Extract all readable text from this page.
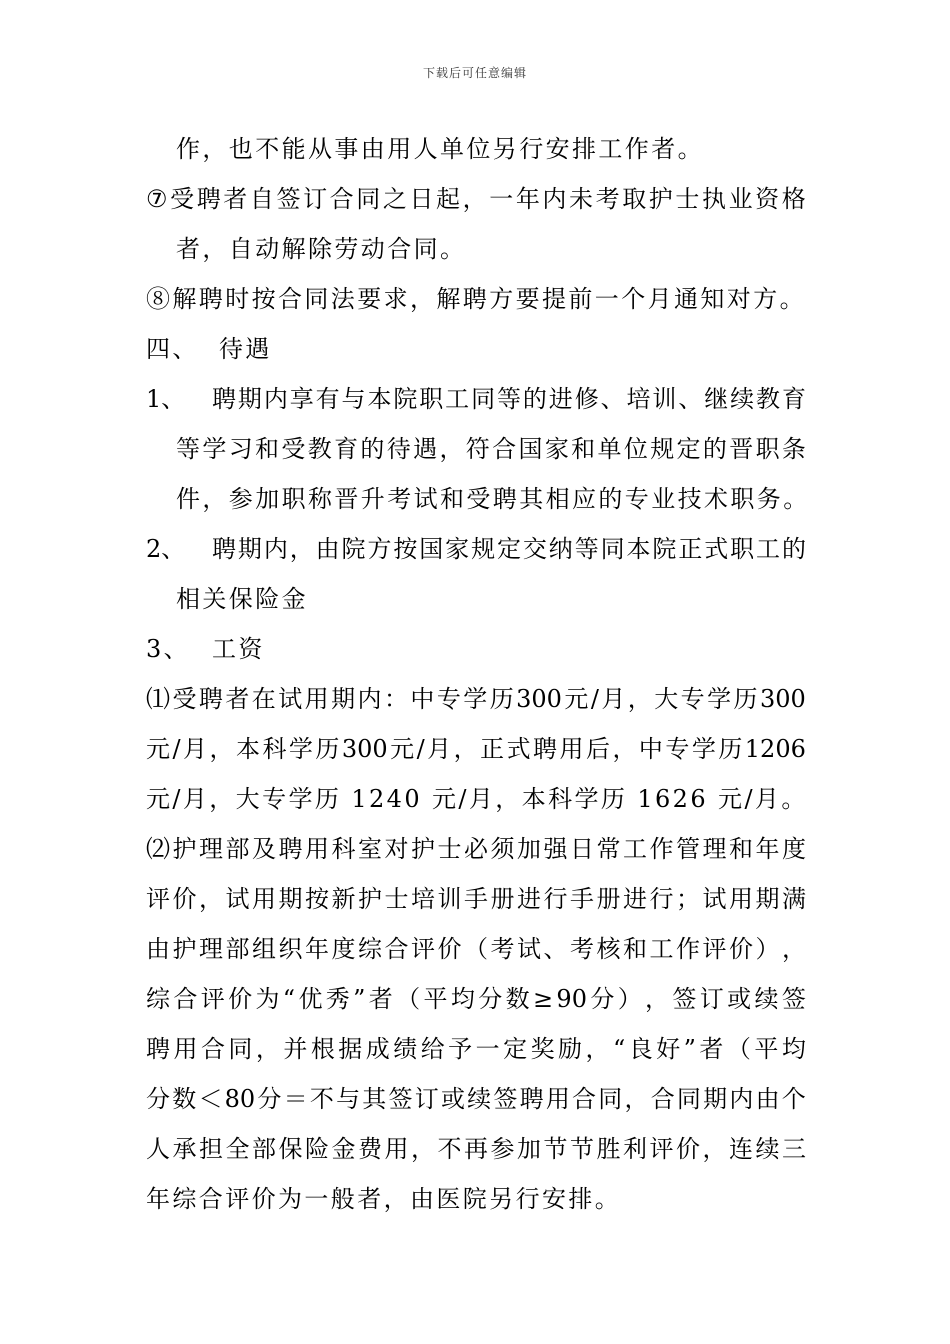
下载后可任意编辑
作，也不能从事由用人单位另行安排工作者。
⑦ 受 聘 者 自 签 订 合 同 之 日 起 ， 一 年 内 未 考 取 护 士 执 业 资 格
者，自动解除劳动合同。
⑧解聘时按合同法要求，解聘方要提前一个月通知对方。
四、  待遇
1、	聘 期 内 享 有 与 本 院 职 工 同 等 的 进 修 、 培 训 、 继 续 教 育
等 学 习 和 受 教 育 的 待 遇 ， 符 合 国 家 和 单 位 规 定 的 晋 职 条
件，参加职称晋升考试和受聘其相应的专业技术职务。
2、	聘 期 内 ， 由 院 方 按 国 家 规 定 交 纳 等 同 本 院 正 式 职 工 的
相关保险金
3、 工资
⑴ 受 聘 者 在 试 用 期 内 ： 中 专 学 历 300 元 / 月 ， 大 专 学 历 300
元 / 月 ， 本 科 学 历 300 元 / 月 ， 正 式 聘 用 后 ， 中 专 学 历 1206
元/月，大专学历 1240 元/月，本科学历 1626 元/月。
⑵ 护 理 部 及 聘 用 科 室 对 护 士 必 须 加 强 日 常 工 作 管 理 和 年 度
评 价 ， 试 用 期 按 新 护 士 培 训 手 册 进 行 手 册 进 行 ； 试 用 期 满
由 护 理 部 组 织 年 度 综 合 评 价 （ 考 试 、 考 核 和 工 作 评 价 ） ，
综 合 评 价 为 “ 优 秀 ” 者 （ 平 均 分 数 ≥ 90 分 ） ， 签 订 或 续 签
聘 用 合 同 ， 并 根 据 成 绩 给 予 一 定 奖 励 ， “ 良 好 ” 者 （ 平 均
分 数 ＜ 80 分 ＝ 不 与 其 签 订 或 续 签 聘 用 合 同 ， 合 同 期 内 由 个
人 承 担 全 部 保 险 金 费 用 ， 不 再 参 加 节 节 胜 利 评 价 ， 连 续 三
年综合评价为一般者，由医院另行安排。
